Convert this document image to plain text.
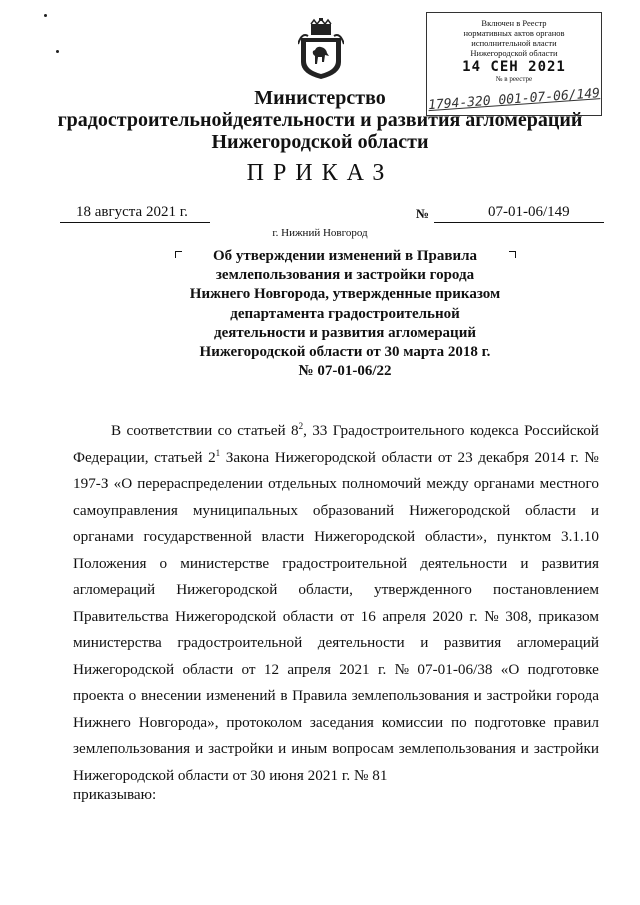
Включен в Реестр
нормативных актов органов
исполнительной власти
Нижегородской области
14 СЕН 2021
№ в реестре
1794-320 001-07-06/149
Министерство
градостроительнойдеятельности и развития агломераций
Нижегородской области
ПРИКАЗ
18 августа 2021 г.	№	07-01-06/149
г. Нижний Новгород
Об утверждении изменений в Правила
землепользования и застройки города
Нижнего Новгорода, утвержденные приказом
департамента градостроительной
деятельности и развития агломераций
Нижегородской области от 30 марта 2018 г.
№ 07-01-06/22
В соответствии со статьей $8^2$, 33 Градостроительного кодекса Российской
Федерации, статьей $2^1$ Закона Нижегородской области от 23 декабря 2014 г. №
197-З «О перераспределении отдельных полномочий между органами местного
самоуправления муниципальных образований Нижегородской области и
органами государственной власти Нижегородской области», пунктом 3.1.10
Положения о министерстве градостроительной деятельности и развития
агломераций Нижегородской области, утвержденного постановлением
Правительства Нижегородской области от 16 апреля 2020 г. № 308, приказом
министерства градостроительной деятельности и развития агломераций
Нижегородской области от 12 апреля 2021 г. № 07-01-06/38 «О подготовке
проекта о внесении изменений в Правила землепользования и застройки города
Нижнего Новгорода», протоколом заседания комиссии по подготовке правил
землепользования и застройки и иным вопросам землепользования и застройки
Нижегородской области от 30 июня 2021 г. № 81
приказываю:
